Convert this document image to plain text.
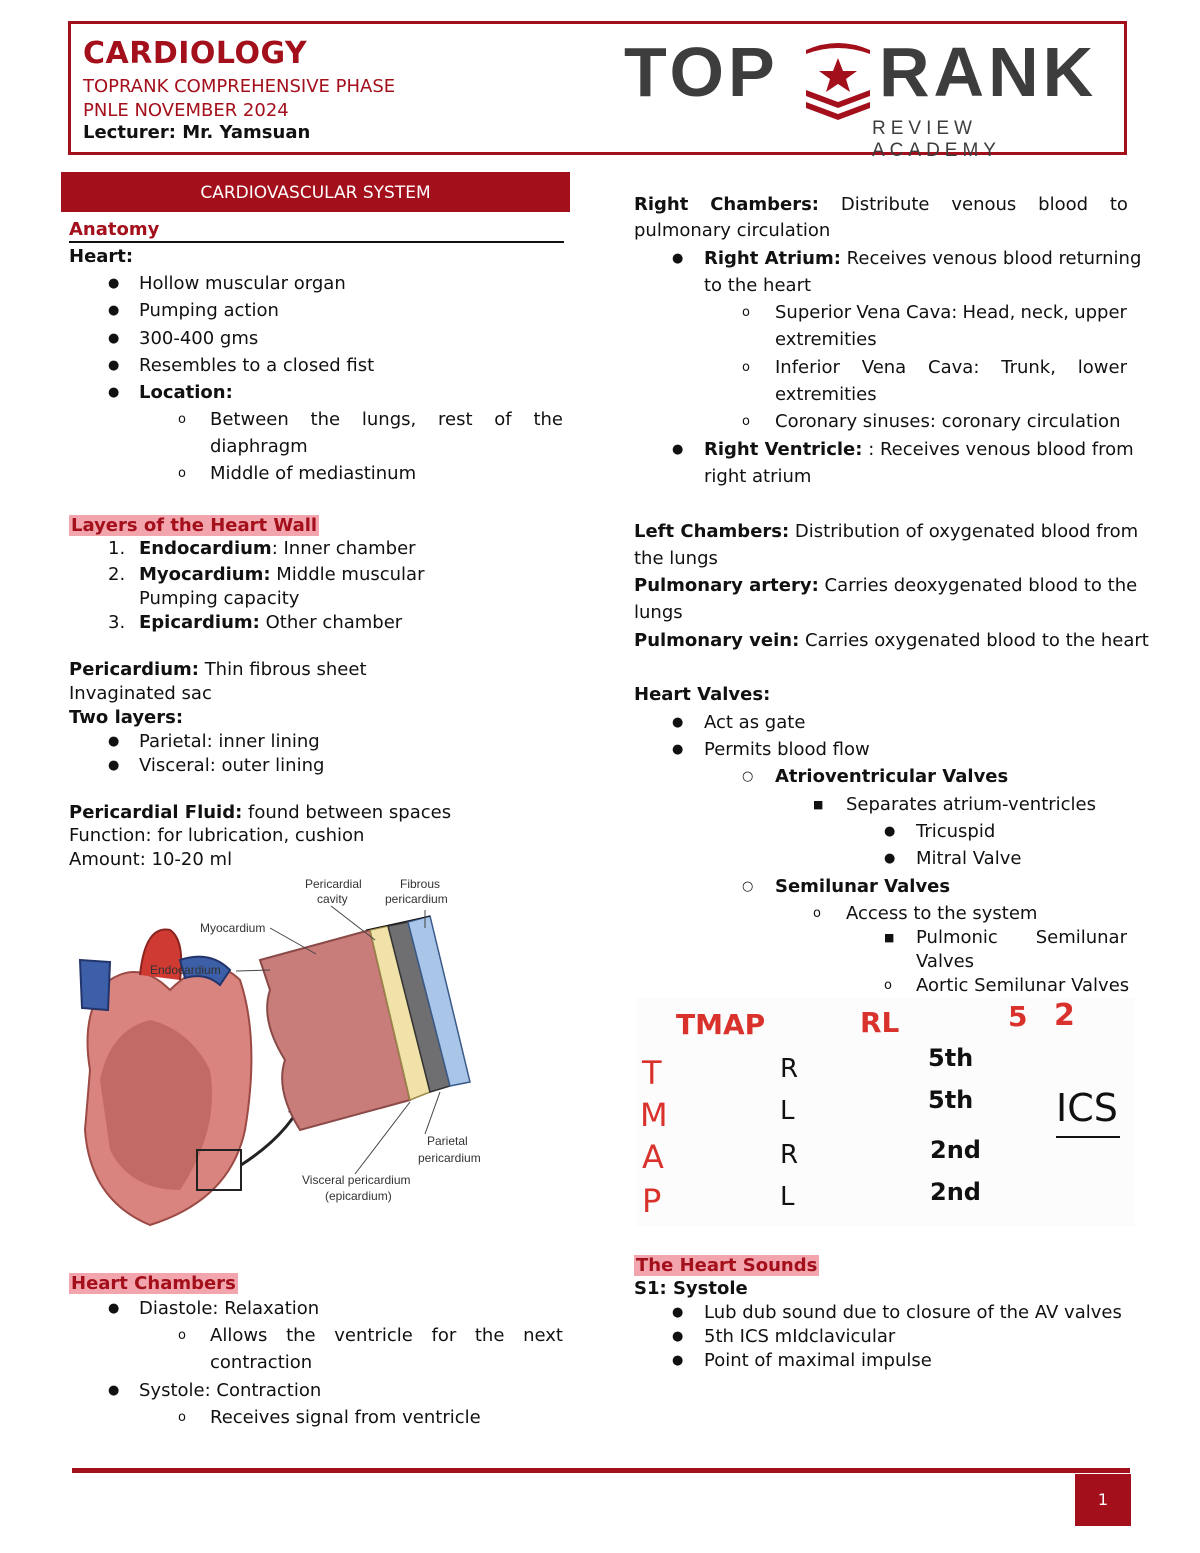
CARDIOLOGY
TOPRANK COMPREHENSIVE PHASE
PNLE NOVEMBER 2024
Lecturer: Mr. Yamsuan
TOP RANK
REVIEW ACADEMY
CARDIOVASCULAR SYSTEM
Anatomy
Heart:
● Hollow muscular organ
● Pumping action
● 300-400 gms
● Resembles to a closed fist
● Location:
o Between the lungs, rest of the
diaphragm
o Middle of mediastinum
Layers of the Heart Wall
1. Endocardium: Inner chamber
2. Myocardium: Middle muscular
Pumping capacity
3. Epicardium: Other chamber
Pericardium: Thin fibrous sheet
Invaginated sac
Two layers:
● Parietal: inner lining
● Visceral: outer lining
Pericardial Fluid: found between spaces
Function: for lubrication, cushion
Amount: 10-20 ml
Pericardial
cavity
Fibrous
pericardium
Myocardium
Endocardium
Parietal
pericardium
Visceral pericardium
(epicardium)
Heart Chambers
● Diastole: Relaxation
o Allows the ventricle for the next
contraction
● Systole: Contraction
o Receives signal from ventricle
Right Chambers: Distribute venous blood to
pulmonary circulation
● Right Atrium: Receives venous blood returning
to the heart
o Superior Vena Cava: Head, neck, upper
extremities
o Inferior Vena Cava: Trunk, lower
extremities
o Coronary sinuses: coronary circulation
● Right Ventricle: : Receives venous blood from
right atrium
Left Chambers: Distribution of oxygenated blood from
the lungs
Pulmonary artery: Carries deoxygenated blood to the
lungs
Pulmonary vein: Carries oxygenated blood to the heart
Heart Valves:
● Act as gate
● Permits blood flow
○ Atrioventricular Valves
■ Separates atrium-ventricles
● Tricuspid
● Mitral Valve
○ Semilunar Valves
o Access to the system
■ Pulmonic Semilunar
Valves
o Aortic Semilunar Valves
TMAP	RL	5 2
T
M
A
P
R
L
R
L
5th
5th
2nd
2nd
ICS
The Heart Sounds
S1: Systole
● Lub dub sound due to closure of the AV valves
● 5th ICS mIdclavicular
● Point of maximal impulse
1
